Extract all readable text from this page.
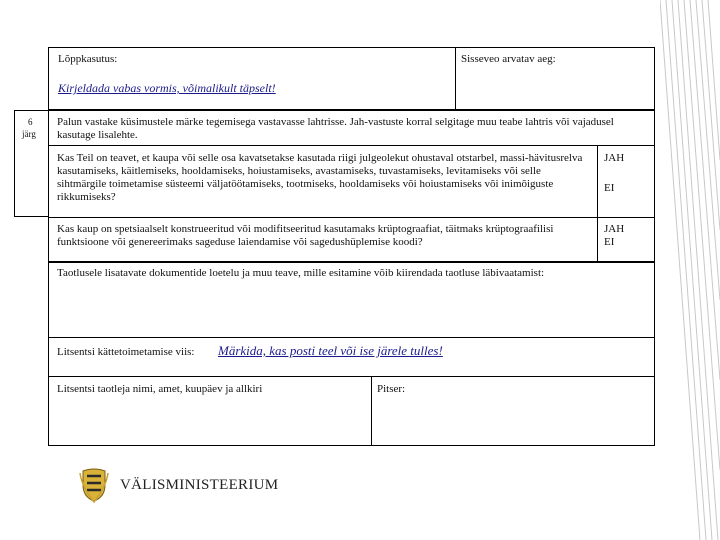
Lõppkasutus:	Sisseveo arvatav aeg:
Kirjeldada vabas vormis, võimalikult täpselt!
6
järg
Palun vastake küsimustele märke tegemisega vastavasse lahtrisse. Jah-vastuste korral selgitage muu teabe lahtris või vajadusel kasutage lisalehte.
Kas Teil on teavet, et kaupa või selle osa kavatsetakse kasutada riigi julgeolekut ohustaval otstarbel, massi-hävitusrelva kasutamiseks, käitlemiseks, hooldamiseks, hoiustamiseks, avastamiseks, tuvastamiseks, levitamiseks või selle sihtmärgile toimetamise süsteemi väljatöötamiseks, tootmiseks, hooldamiseks või hoiustamiseks või inimõiguste rikkumiseks?
JAH
EI
Kas kaup on spetsiaalselt konstrueeritud või modifitseeritud kasutamaks krüptograafiat, täitmaks krüptograafilisi funktsioone või genereerimaks sageduse laiendamise või sagedushüplemise koodi?
JAH
EI
Taotlusele lisatavate dokumentide loetelu ja muu teave, mille esitamine võib kiirendada taotluse läbivaatamist:
Litsentsi kättetoimetamise viis: Märkida, kas posti teel või ise järele tulles!
Litsentsi taotleja nimi, amet, kuupäev ja allkiri	Pitser:
VÄLISMINISTEERIUM
